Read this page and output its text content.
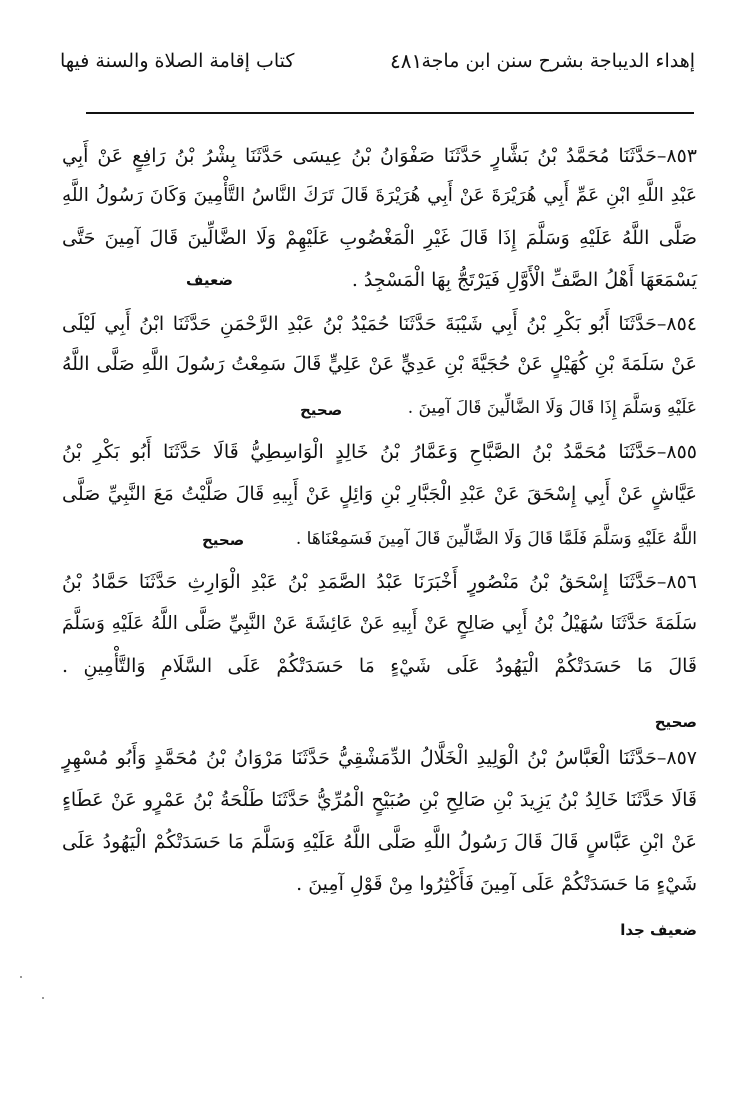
إهداء الديباجة بشرح سنن ابن ماجة
٤٨١
كتاب إقامة الصلاة والسنة فيها
٨٥٣–حَدَّثَنَا مُحَمَّدُ بْنُ بَشَّارٍ حَدَّثَنَا صَفْوَانُ بْنُ عِيسَى حَدَّثَنَا بِشْرُ بْنُ رَافِعٍ عَنْ أَبِي
عَبْدِ اللَّهِ ابْنِ عَمِّ أَبِي هُرَيْرَةَ عَنْ أَبِي هُرَيْرَةَ قَالَ تَرَكَ النَّاسُ التَّأْمِينَ وَكَانَ رَسُولُ اللَّهِ
صَلَّى اللَّهُ عَلَيْهِ وَسَلَّمَ إِذَا قَالَ غَيْرِ الْمَغْضُوبِ عَلَيْهِمْ وَلَا الضَّالِّينَ قَالَ آمِينَ حَتَّى
يَسْمَعَهَا أَهْلُ الصَّفِّ الْأَوَّلِ فَيَرْتَجُّ بِهَا الْمَسْجِدُ .
ضعيف
٨٥٤–حَدَّثَنَا أَبُو بَكْرِ بْنُ أَبِي شَيْبَةَ حَدَّثَنَا حُمَيْدُ بْنُ عَبْدِ الرَّحْمَنِ حَدَّثَنَا ابْنُ أَبِي لَيْلَى
عَنْ سَلَمَةَ بْنِ كُهَيْلٍ عَنْ حُجَيَّةَ بْنِ عَدِيٍّ عَنْ عَلِيٍّ قَالَ سَمِعْتُ رَسُولَ اللَّهِ صَلَّى اللَّهُ
عَلَيْهِ وَسَلَّمَ إِذَا قَالَ وَلَا الضَّالِّينَ قَالَ آمِينَ .
صحيح
٨٥٥–حَدَّثَنَا مُحَمَّدُ بْنُ الصَّبَّاحِ وَعَمَّارُ بْنُ خَالِدٍ الْوَاسِطِيُّ قَالَا حَدَّثَنَا أَبُو بَكْرِ بْنُ
عَيَّاشٍ عَنْ أَبِي إِسْحَقَ عَنْ عَبْدِ الْجَبَّارِ بْنِ وَائِلٍ عَنْ أَبِيهِ قَالَ صَلَّيْتُ مَعَ النَّبِيِّ صَلَّى
اللَّهُ عَلَيْهِ وَسَلَّمَ فَلَمَّا قَالَ وَلَا الضَّالِّينَ قَالَ آمِينَ فَسَمِعْنَاهَا .
صحيح
٨٥٦–حَدَّثَنَا إِسْحَقُ بْنُ مَنْصُورٍ أَخْبَرَنَا عَبْدُ الصَّمَدِ بْنُ عَبْدِ الْوَارِثِ حَدَّثَنَا حَمَّادُ بْنُ
سَلَمَةَ حَدَّثَنَا سُهَيْلُ بْنُ أَبِي صَالِحٍ عَنْ أَبِيهِ عَنْ عَائِشَةَ عَنْ النَّبِيِّ صَلَّى اللَّهُ عَلَيْهِ وَسَلَّمَ
قَالَ مَا حَسَدَتْكُمْ الْيَهُودُ عَلَى شَيْءٍ مَا حَسَدَتْكُمْ عَلَى السَّلَامِ وَالتَّأْمِينِ .
صحيح
٨٥٧–حَدَّثَنَا الْعَبَّاسُ بْنُ الْوَلِيدِ الْخَلَّالُ الدِّمَشْقِيُّ حَدَّثَنَا مَرْوَانُ بْنُ مُحَمَّدٍ وَأَبُو مُسْهِرٍ
قَالَا حَدَّثَنَا خَالِدُ بْنُ يَزِيدَ بْنِ صَالِحِ بْنِ صُبَيْحٍ الْمُرِّيُّ حَدَّثَنَا طَلْحَةُ بْنُ عَمْرٍو عَنْ عَطَاءٍ
عَنْ ابْنِ عَبَّاسٍ قَالَ قَالَ رَسُولُ اللَّهِ صَلَّى اللَّهُ عَلَيْهِ وَسَلَّمَ مَا حَسَدَتْكُمْ الْيَهُودُ عَلَى
شَيْءٍ مَا حَسَدَتْكُمْ عَلَى آمِينَ فَأَكْثِرُوا مِنْ قَوْلِ آمِينَ .
ضعيف جدا
